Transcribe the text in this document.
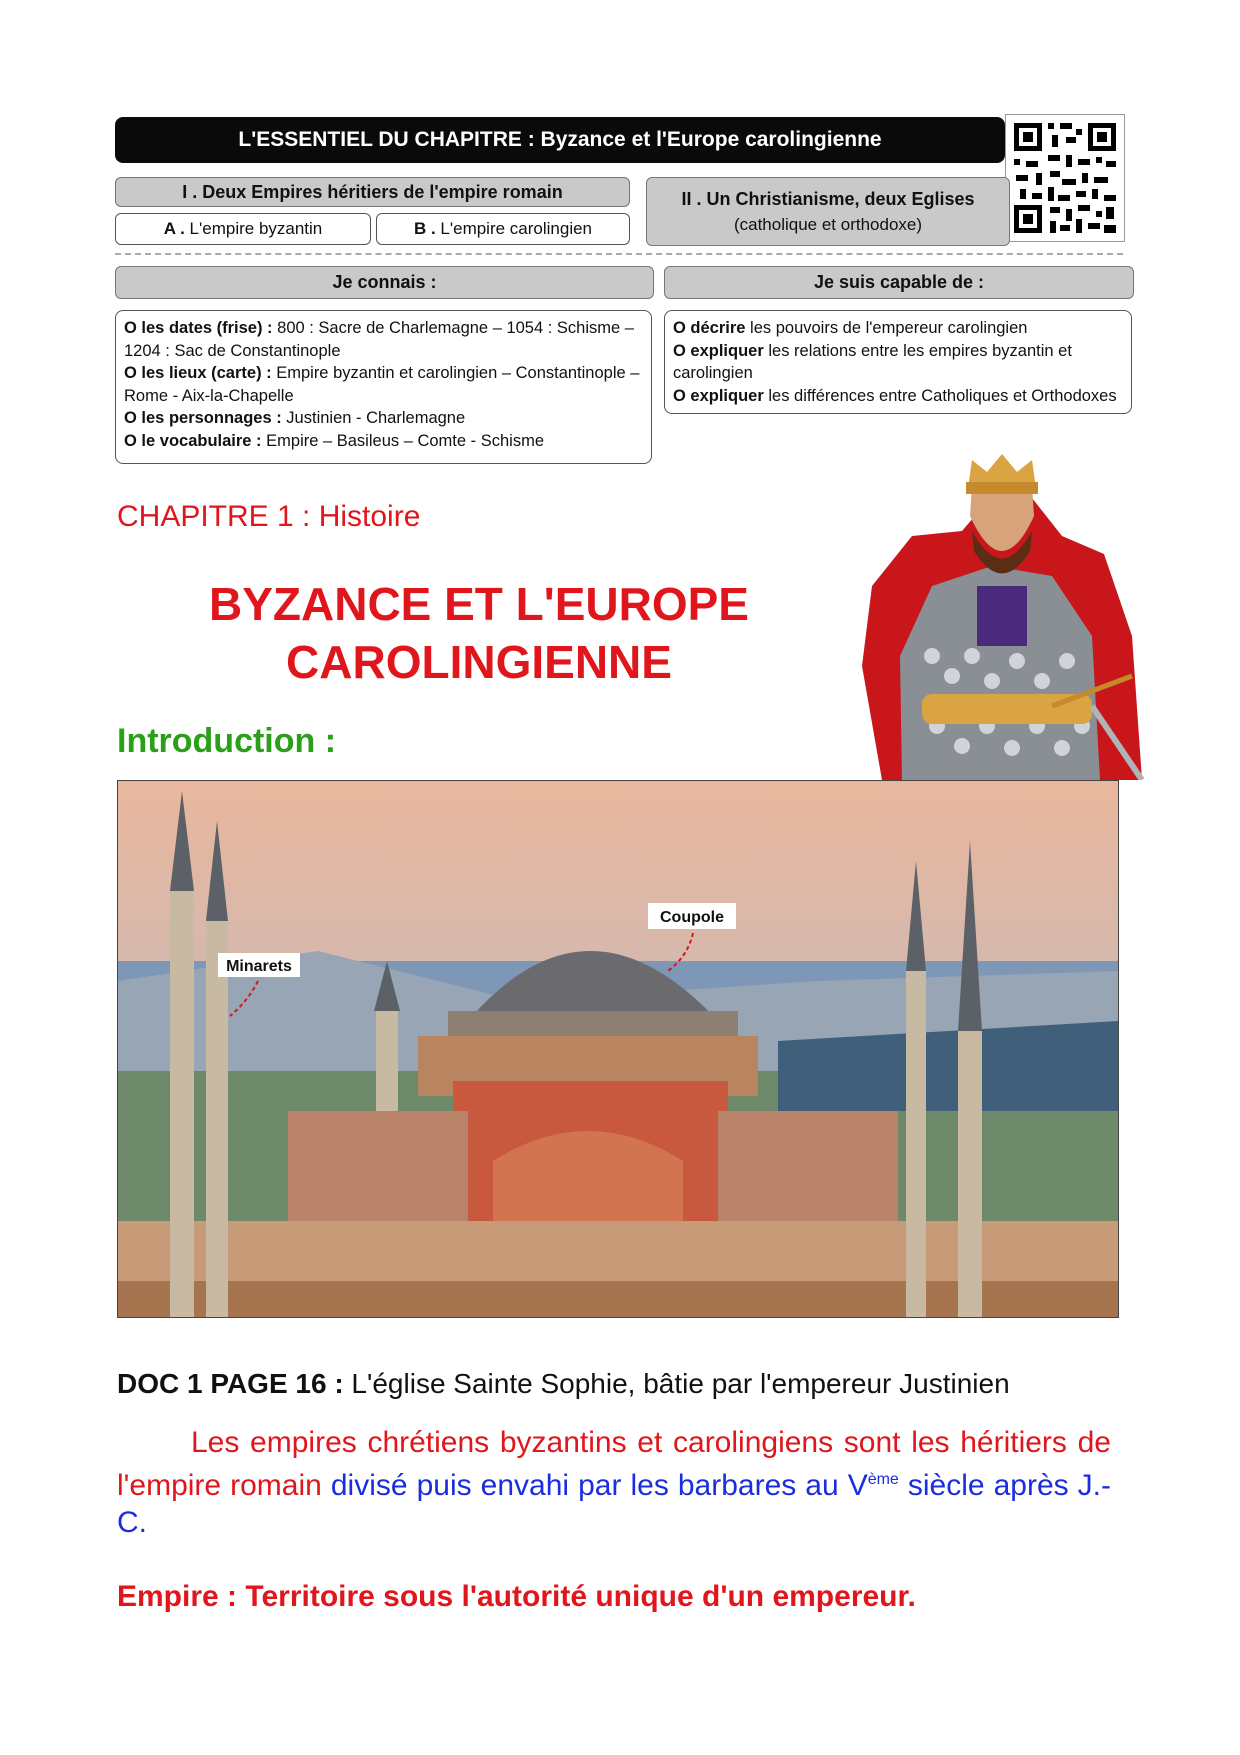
L'ESSENTIEL DU CHAPITRE : Byzance et l'Europe carolingienne
I . Deux Empires héritiers de l'empire romain
A . L'empire byzantin	B . L'empire carolingien
II . Un Christianisme, deux Eglises
(catholique et orthodoxe)
Je connais :
O les dates (frise) : 800 : Sacre de Charlemagne – 1054 : Schisme – 1204 : Sac de Constantinople
O les lieux (carte) : Empire byzantin et carolingien – Constantinople – Rome - Aix-la-Chapelle
O les personnages : Justinien - Charlemagne
O le vocabulaire : Empire – Basileus – Comte - Schisme
Je suis capable de :
O décrire les pouvoirs de l'empereur carolingien
O expliquer les relations entre les empires byzantin et carolingien
O expliquer les différences entre Catholiques et Orthodoxes
CHAPITRE 1 : Histoire
BYZANCE ET L'EUROPE
CAROLINGIENNE
Introduction :
Minarets
Coupole
DOC 1 PAGE 16 : L'église Sainte Sophie, bâtie par l'empereur Justinien
Les empires chrétiens byzantins et carolingiens sont les héritiers de l'empire romain divisé puis envahi par les barbares au Vème siècle après J.-C.
Empire : Territoire sous l'autorité unique d'un empereur.
